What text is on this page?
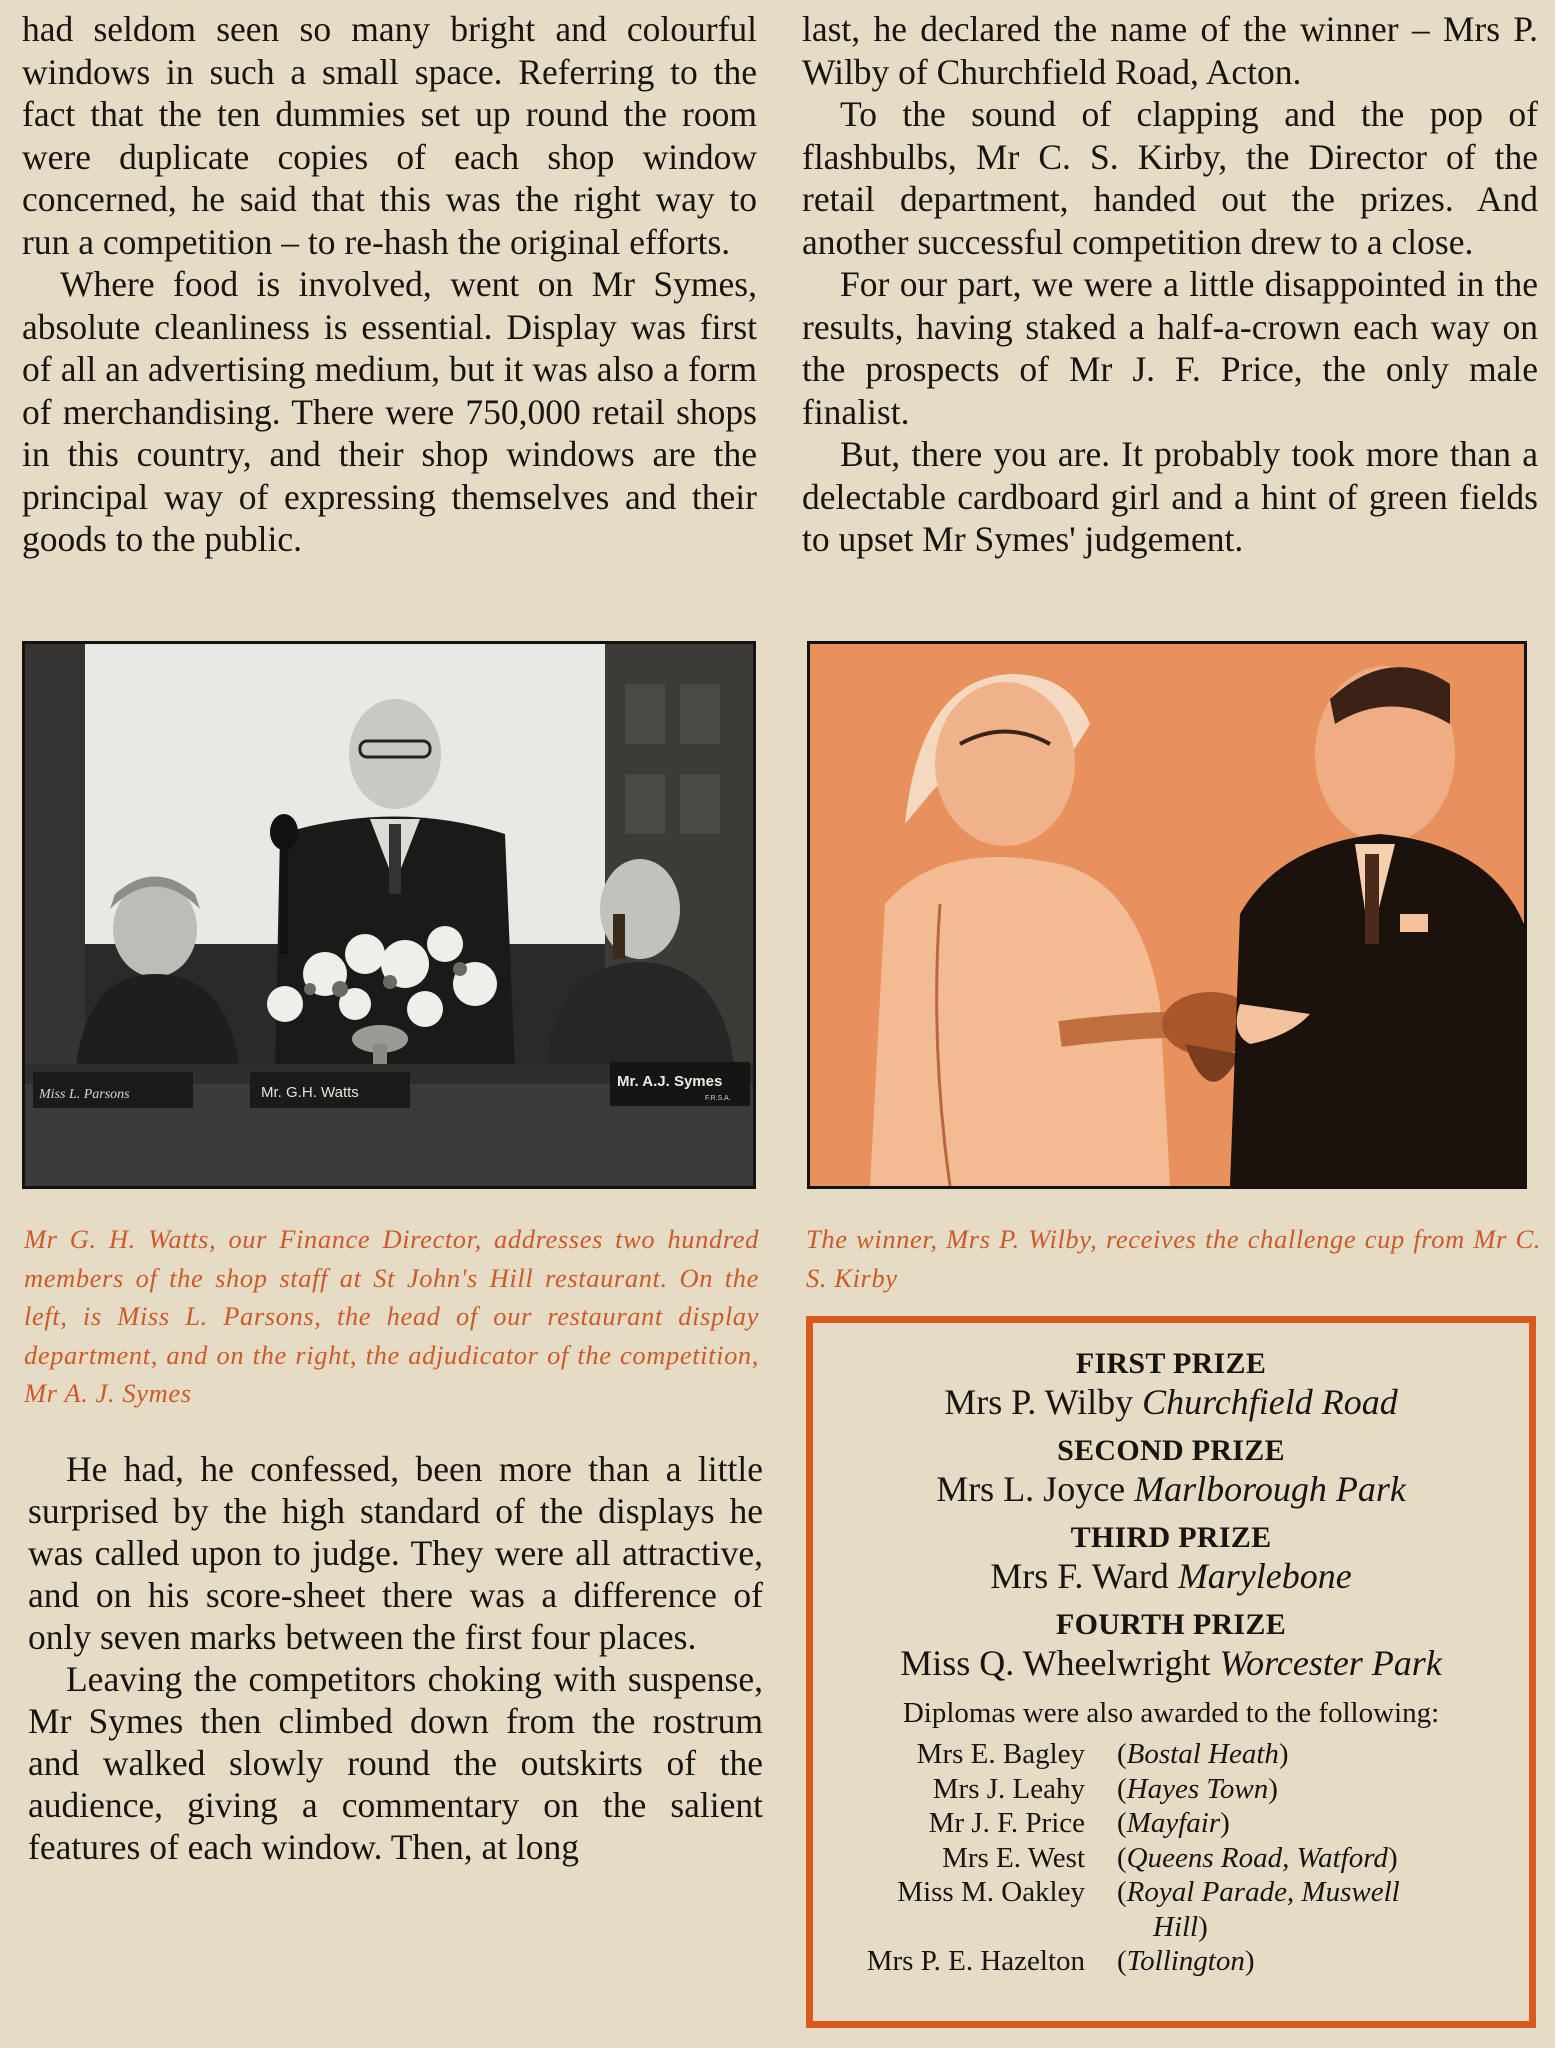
had seldom seen so many bright and colourful windows in such a small space. Referring to the fact that the ten dummies set up round the room were duplicate copies of each shop window concerned, he said that this was the right way to run a competition – to re-hash the original efforts.

Where food is involved, went on Mr Symes, absolute cleanliness is essential. Display was first of all an advertising medium, but it was also a form of merchandising. There were 750,000 retail shops in this country, and their shop windows are the principal way of expressing themselves and their goods to the public.

last, he declared the name of the winner – Mrs P. Wilby of Churchfield Road, Acton.

To the sound of clapping and the pop of flashbulbs, Mr C. S. Kirby, the Director of the retail department, handed out the prizes. And another successful competition drew to a close.

For our part, we were a little disappointed in the results, having staked a half-a-crown each way on the prospects of Mr J. F. Price, the only male finalist.

But, there you are. It probably took more than a delectable cardboard girl and a hint of green fields to upset Mr Symes' judgement.

Miss L. Parsons	Mr. G.H. Watts
Mr. A.J. Symes
F.R.S.A.
Mr G. H. Watts, our Finance Director, addresses two hundred members of the shop staff at St John's Hill restaurant. On the left, is Miss L. Parsons, the head of our restaurant display department, and on the right, the adjudicator of the competition, Mr A. J. Symes
The winner, Mrs P. Wilby, receives the challenge cup from Mr C. S. Kirby

He had, he confessed, been more than a little surprised by the high standard of the displays he was called upon to judge. They were all attractive, and on his score-sheet there was a difference of only seven marks between the first four places.

Leaving the competitors choking with suspense, Mr Symes then climbed down from the rostrum and walked slowly round the outskirts of the audience, giving a commentary on the salient features of each window. Then, at long

FIRST PRIZE
Mrs P. Wilby Churchfield Road
SECOND PRIZE
Mrs L. Joyce Marlborough Park
THIRD PRIZE
Mrs F. Ward Marylebone
FOURTH PRIZE
Miss Q. Wheelwright Worcester Park
Diplomas were also awarded to the following:
Mrs E. Bagley	(Bostal Heath)
Mrs J. Leahy	(Hayes Town)
Mr J. F. Price	(Mayfair)
Mrs E. West	(Queens Road, Watford)
Miss M. Oakley	(Royal Parade, Muswell
Hill)
Mrs P. E. Hazelton	(Tollington)
